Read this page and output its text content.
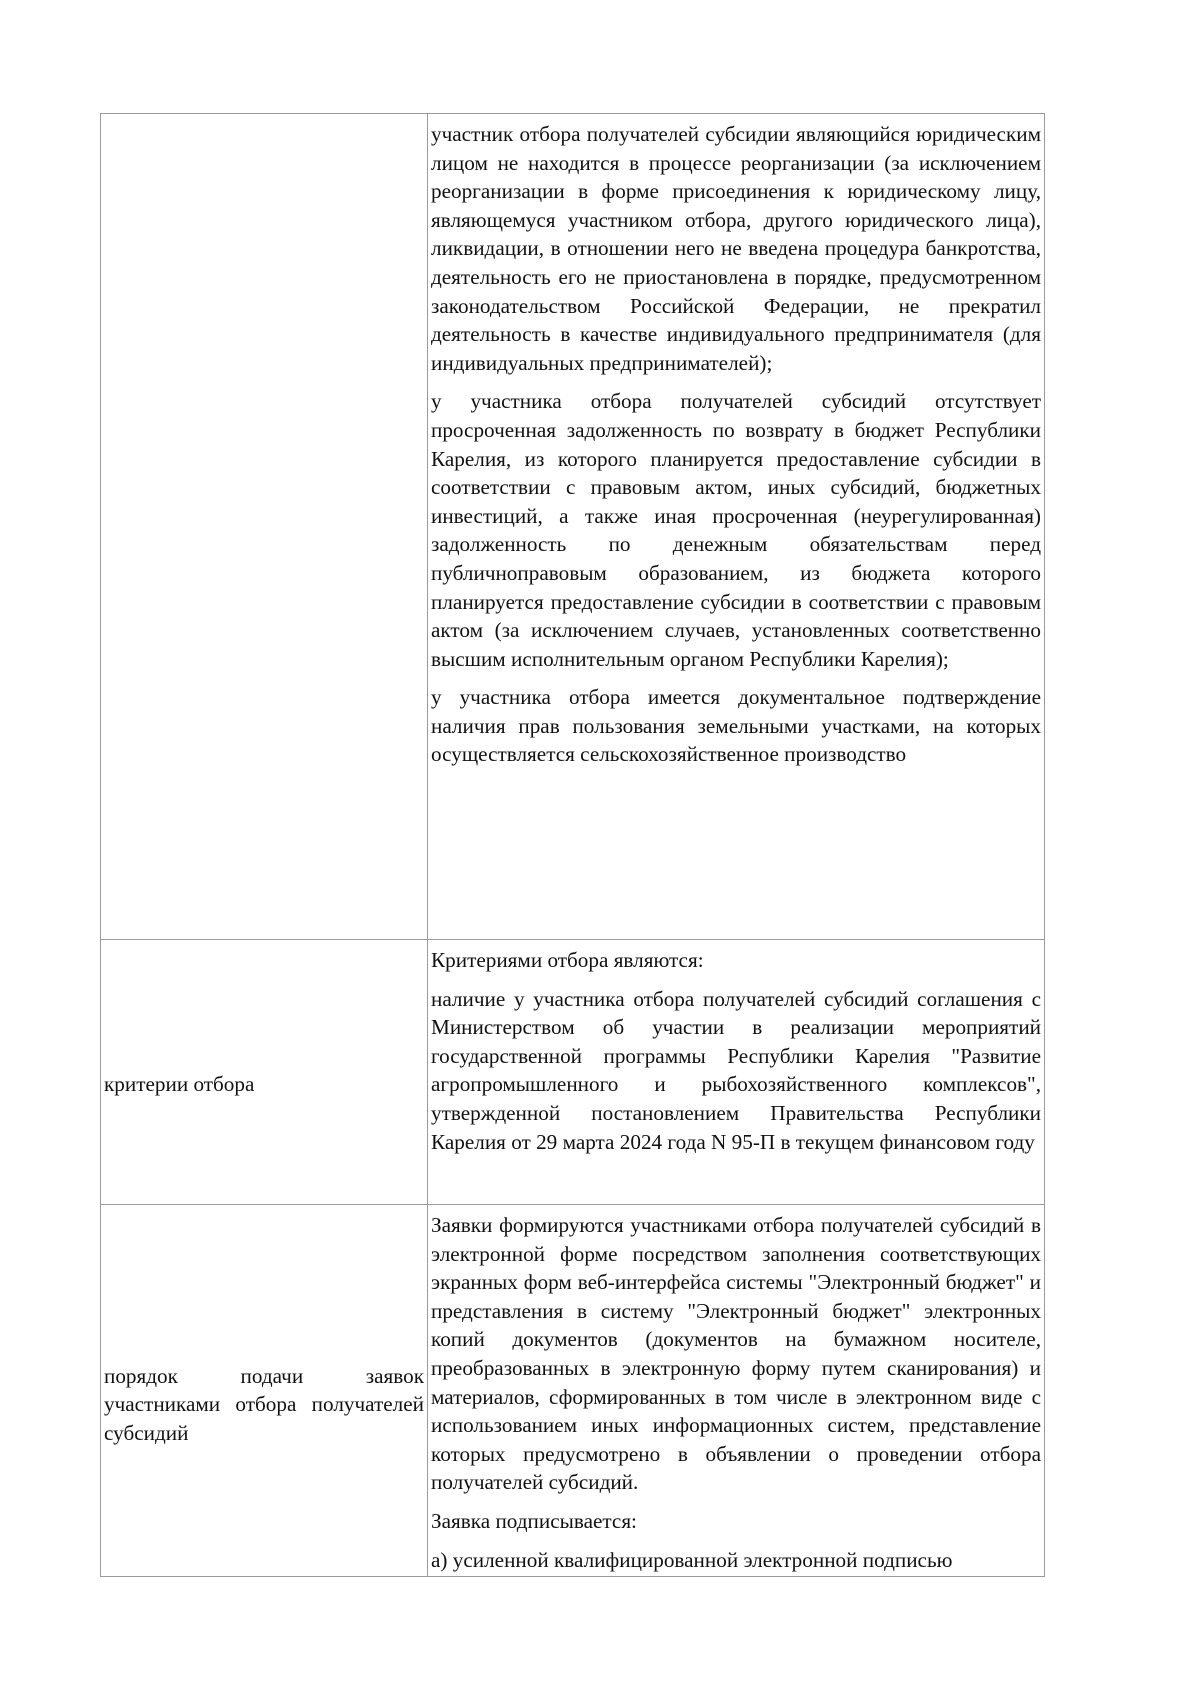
	участник отбора получателей субсидии являющийся юридическим лицом не находится в процессе реорганизации (за исключением реорганизации в форме присоединения к юридическому лицу, являющемуся участником отбора, другого юридического лица), ликвидации, в отношении него не введена процедура банкротства, деятельность его не приостановлена в порядке, предусмотренном законодательством Российской Федерации, не прекратил деятельность в качестве индивидуального предпринимателя (для индивидуальных предпринимателей);

у участника отбора получателей субсидий отсутствует просроченная задолженность по возврату в бюджет Республики Карелия, из которого планируется предоставление субсидии в соответствии с правовым актом, иных субсидий, бюджетных инвестиций, а также иная просроченная (неурегулированная) задолженность по денежным обязательствам перед публичноправовым образованием, из бюджета которого планируется предоставление субсидии в соответствии с правовым актом (за исключением случаев, установленных соответственно высшим исполнительным органом Республики Карелия);

у участника отбора имеется документальное подтверждение наличия прав пользования земельными участками, на которых осуществляется сельскохозяйственное производство

критерии отбора	Критериями отбора являются:

наличие у участника отбора получателей субсидий соглашения с Министерством об участии в реализации мероприятий государственной программы Республики Карелия "Развитие агропромышленного и рыбохозяйственного комплексов", утвержденной постановлением Правительства Республики Карелия от 29 марта 2024 года N 95-П в текущем финансовом году

порядок подачи заявок участниками отбора получателей субсидий	Заявки формируются участниками отбора получателей субсидий в электронной форме посредством заполнения соответствующих экранных форм веб-интерфейса системы "Электронный бюджет" и представления в систему "Электронный бюджет" электронных копий документов (документов на бумажном носителе, преобразованных в электронную форму путем сканирования) и материалов, сформированных в том числе в электронном виде с использованием иных информационных систем, представление которых предусмотрено в объявлении о проведении отбора получателей субсидий.

Заявка подписывается:

а) усиленной квалифицированной электронной подписью
